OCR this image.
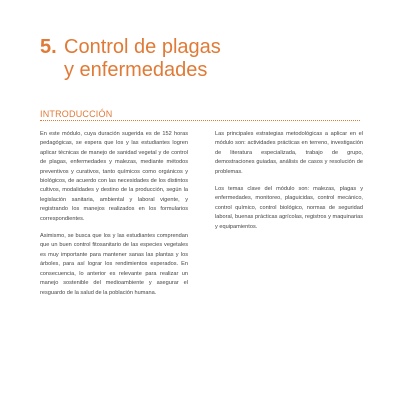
5. Control de plagas
y enfermedades
INTRODUCCIÓN

En este módulo, cuya duración sugerida es de 152 horas pedagógicas, se espera que los y las estudiantes logren aplicar técnicas de manejo de sanidad vegetal y de control de plagas, enfermedades y malezas, mediante métodos preventivos y curativos, tanto químicos como orgánicos y biológicos, de acuerdo con las necesidades de los distintos cultivos, modalidades y destino de la producción, según la legislación sanitaria, ambiental y laboral vigente, y registrando los manejos realizados en los formularios correspondientes.

Asimismo, se busca que los y las estudiantes comprendan que un buen control fitosanitario de las especies vegetales es muy importante para mantener sanas las plantas y los árboles, para así lograr los rendimientos esperados. En consecuencia, lo anterior es relevante para realizar un manejo sostenible del medioambiente y asegurar el resguardo de la salud de la población humana.

Las principales estrategias metodológicas a aplicar en el módulo son: actividades prácticas en terreno, investigación de literatura especializada, trabajo de grupo, demostraciones guiadas, análisis de casos y resolución de problemas.

Los temas clave del módulo son: malezas, plagas y enfermedades, monitoreo, plaguicidas, control mecánico, control químico, control biológico, normas de seguridad laboral, buenas prácticas agrícolas, registros y maquinarias y equipamientos.
